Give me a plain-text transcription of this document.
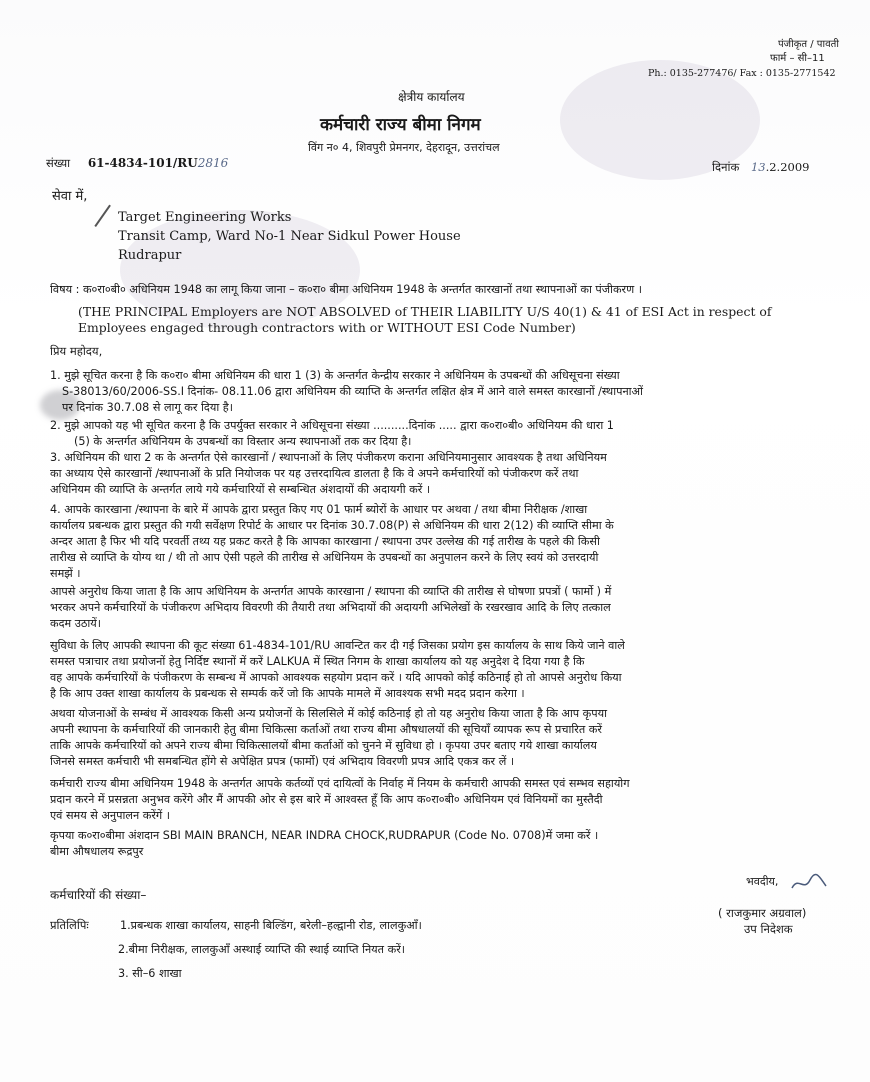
पंजीकृत / पावती
फार्म – सी–11
Ph.: 0135-277476/ Fax : 0135-2771542
क्षेत्रीय कार्यालय
कर्मचारी राज्य बीमा निगम
विंग न० 4, शिवपुरी प्रेमनगर, देहरादून, उत्तरांचल
संख्या 61-4834-101/RU2816	दिनांक 13.2.2009
सेवा में,
Target Engineering Works
Transit Camp, Ward No-1 Near Sidkul Power House
Rudrapur
विषय : क०रा०बी० अधिनियम 1948 का लागू किया जाना – क०रा० बीमा अधिनियम 1948 के अन्तर्गत कारखानों तथा स्थापनाओं का पंजीकरण ।
(THE PRINCIPAL Employers are NOT ABSOLVED of THEIR LIABILITY U/S 40(1) & 41 of ESI Act in respect of
Employees engaged through contractors with or WITHOUT ESI Code Number)
प्रिय महोदय,
1. मुझे सूचित करना है कि क०रा० बीमा अधिनियम की धारा 1 (3) के अन्तर्गत केन्द्रीय सरकार ने अधिनियम के उपबन्धों की अधिसूचना संख्या
S-38013/60/2006-SS.I दिनांक- 08.11.06 द्वारा अधिनियम की व्याप्ति के अन्तर्गत लक्षित क्षेत्र में आने वाले समस्त कारखानों /स्थापनाओं
पर दिनांक 30.7.08 से लागू कर दिया है।
2. मुझे आपको यह भी सूचित करना है कि उपर्युक्त सरकार ने अधिसूचना संख्या ..........दिनांक ..... द्वारा क०रा०बी० अधिनियम की धारा 1
(5) के अन्तर्गत अधिनियम के उपबन्धों का विस्तार अन्य स्थापनाओं तक कर दिया है।
3. अधिनियम की धारा 2 क के अन्तर्गत ऐसे कारखानों / स्थापनाओं के लिए पंजीकरण कराना अधिनियमानुसार आवश्यक है तथा अधिनियम
का अध्याय ऐसे कारखानों /स्थापनाओं के प्रति नियोजक पर यह उत्तरदायित्व डालता है कि वे अपने कर्मचारियों को पंजीकरण करें तथा
अधिनियम की व्याप्ति के अन्तर्गत लाये गये कर्मचारियों से सम्बन्धित अंशदायों की अदायगी करें ।
4. आपके कारखाना /स्थापना के बारे में आपके द्वारा प्रस्तुत किए गए 01 फार्म ब्योरों के आधार पर अथवा / तथा बीमा निरीक्षक /शाखा
कार्यालय प्रबन्धक द्वारा प्रस्तुत की गयी सर्वेक्षण रिपोर्ट के आधार पर दिनांक 30.7.08(P) से अधिनियम की धारा 2(12) की व्याप्ति सीमा के
अन्दर आता है फिर भी यदि परवर्ती तथ्य यह प्रकट करते है कि आपका कारखाना / स्थापना उपर उल्लेख की गई तारीख के पहले की किसी
तारीख से व्याप्ति के योग्य था / थी तो आप ऐसी पहले की तारीख से अधिनियम के उपबन्धों का अनुपालन करने के लिए स्वयं को उत्तरदायी
समझें ।
आपसे अनुरोध किया जाता है कि आप अधिनियम के अन्तर्गत आपके कारखाना / स्थापना की व्याप्ति की तारीख से घोषणा प्रपत्रों ( फार्मो ) में
भरकर अपने कर्मचारियों के पंजीकरण अभिदाय विवरणी की तैयारी तथा अभिदायों की अदायगी अभिलेखों के रखरखाव आदि के लिए तत्काल
कदम उठायें।
सुविधा के लिए आपकी स्थापना की कूट संख्या 61-4834-101/RU आवन्टित कर दी गई जिसका प्रयोग इस कार्यालय के साथ किये जाने वाले
समस्त पत्राचार तथा प्रयोजनों हेतु निर्दिष्ट स्थानों में करें LALKUA में स्थित निगम के शाखा कार्यालय को यह अनुदेश दे दिया गया है कि
वह आपके कर्मचारियों के पंजीकरण के सम्बन्ध में आपको आवश्यक सहयोग प्रदान करें । यदि आपको कोई कठिनाई हो तो आपसे अनुरोध किया
है कि आप उक्त शाखा कार्यालय के प्रबन्धक से सम्पर्क करें जो कि आपके मामले में आवश्यक सभी मदद प्रदान करेगा ।
अथवा योजनाओं के सम्बंध में आवश्यक किसी अन्य प्रयोजनों के सिलसिले में कोई कठिनाई हो तो यह अनुरोध किया जाता है कि आप कृपया
अपनी स्थापना के कर्मचारियों की जानकारी हेतु बीमा चिकित्सा कर्ताओं तथा राज्य बीमा औषधालयों की सूचियाँ व्यापक रूप से प्रचारित करें
ताकि आपके कर्मचारियों को अपने राज्य बीमा चिकित्सालयों बीमा कर्ताओं को चुनने में सुविधा हो । कृपया उपर बताए गये शाखा कार्यालय
जिनसे समस्त कर्मचारी भी समबन्धित होंगे से अपेक्षित प्रपत्र (फार्मो) एवं अभिदाय विवरणी प्रपत्र आदि एकत्र कर लें ।
कर्मचारी राज्य बीमा अधिनियम 1948 के अन्तर्गत आपके कर्तव्यों एवं दायित्वों के निर्वाह में नियम के कर्मचारी आपकी समस्त एवं सम्भव सहायोग
प्रदान करने में प्रसन्नता अनुभव करेंगे और मैं आपकी ओर से इस बारे में आश्वस्त हूँ कि आप क०रा०बी० अधिनियम एवं विनियमों का मुस्तैदी
एवं समय से अनुपालन करेंगें ।
कृपया क०रा०बीमा अंशदान SBI MAIN BRANCH, NEAR INDRA CHOCK,RUDRAPUR (Code No. 0708)में जमा करें ।
बीमा औषधालय रूद्रपुर
कर्मचारियों की संख्या–
भवदीय,
( राजकुमार अग्रवाल)
उप निदेशक
प्रतिलिपिः	1.प्रबन्धक शाखा कार्यालय, साहनी बिल्डिंग, बरेली–हल्द्वानी रोड, लालकुआँ।
2.बीमा निरीक्षक, लालकुआँ अस्थाई व्याप्ति की स्थाई व्याप्ति नियत करें।
3. सी–6 शाखा
